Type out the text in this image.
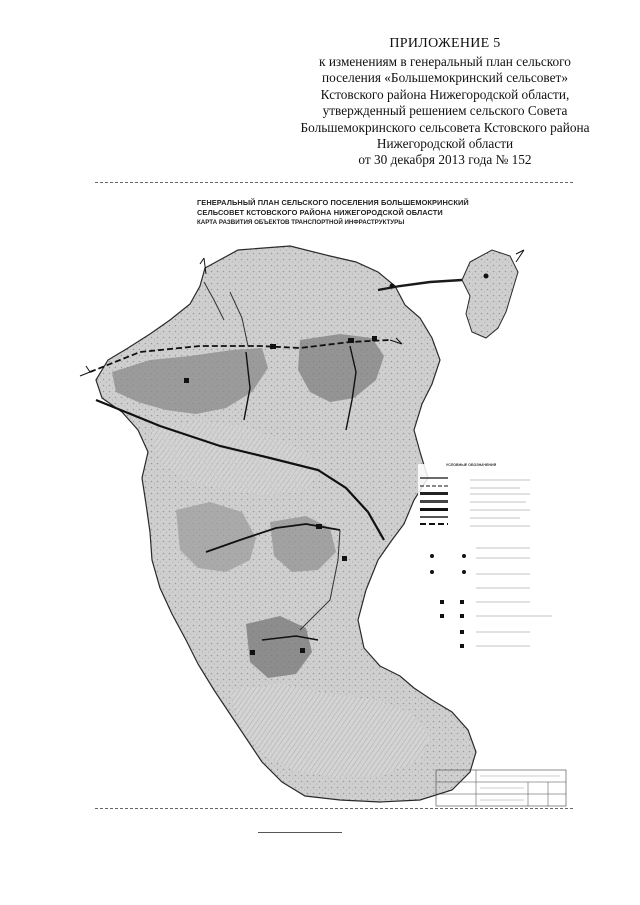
ПРИЛОЖЕНИЕ 5
к изменениям в генеральный план сельского
поселения «Большемокринский сельсовет»
Кстовского района Нижегородской области,
утвержденный решением сельского Совета
Большемокринского сельсовета Кстовского района
Нижегородской области
от 30 декабря 2013 года № 152
ГЕНЕРАЛЬНЫЙ ПЛАН СЕЛЬСКОГО ПОСЕЛЕНИЯ БОЛЬШЕМОКРИНСКИЙ
СЕЛЬСОВЕТ КСТОВСКОГО РАЙОНА НИЖЕГОРОДСКОЙ ОБЛАСТИ
КАРТА РАЗВИТИЯ ОБЪЕКТОВ ТРАНСПОРТНОЙ ИНФРАСТРУКТУРЫ
УСЛОВНЫЕ ОБОЗНАЧЕНИЯ
